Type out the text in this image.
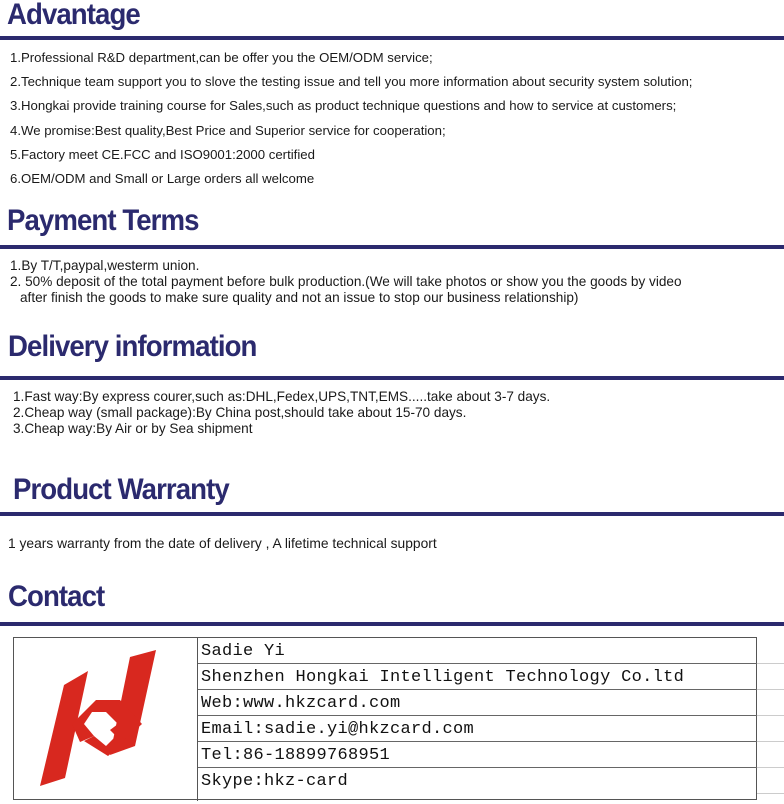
Advantage
1.Professional R&D department,can be offer you the OEM/ODM service;
2.Technique team support you to slove the testing issue and tell you more information about security system solution;
3.Hongkai provide training course for Sales,such as product technique questions and how to service at customers;
4.We promise:Best quality,Best Price and Superior service for cooperation;
5.Factory meet CE.FCC and ISO9001:2000 certified
6.OEM/ODM and Small or Large orders all welcome
Payment Terms
1.By T/T,paypal,westerm union.
2. 50% deposit of the total payment before bulk production.(We will take photos or show you the goods by video
after finish the goods to make sure quality and not an issue to stop our business relationship)
Delivery information
1.Fast way:By express courer,such as:DHL,Fedex,UPS,TNT,EMS.....take about 3-7 days.
2.Cheap way (small package):By China post,should take about 15-70 days.
3.Cheap way:By Air or by Sea shipment
Product Warranty

1 years warranty from the date of delivery , A lifetime technical support

Contact
Sadie Yi
Shenzhen Hongkai Intelligent Technology Co.ltd
Web:www.hkzcard.com
Email:sadie.yi@hkzcard.com
Tel:86-18899768951
Skype:hkz-card
